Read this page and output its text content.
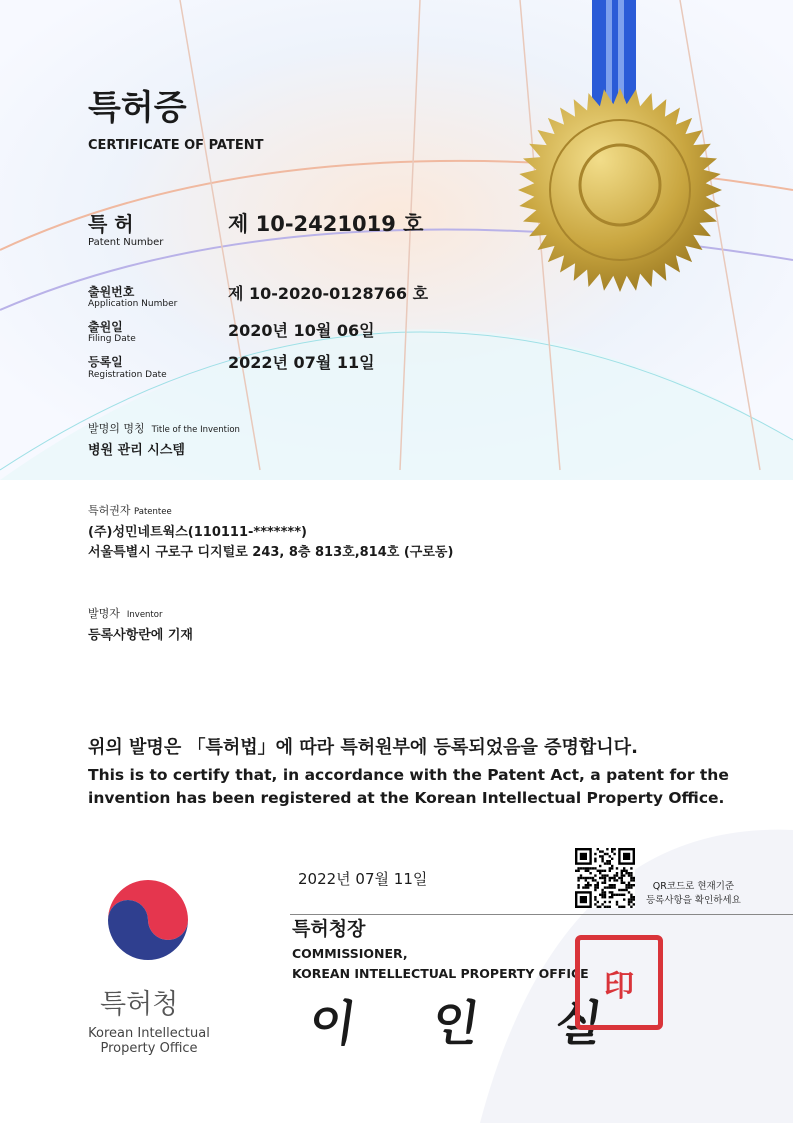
특허증
CERTIFICATE OF PATENT
특 허
Patent Number
제 10-2421019 호
출원번호
Application Number
제 10-2020-0128766 호
출원일
Filing Date	2020년 10월 06일
등록일
Registration Date
2022년 07월 11일
발명의 명칭 Title of the Invention
병원 관리 시스템
특허권자 Patentee
(주)성민네트웍스(110111-*******)
서울특별시 구로구 디지털로 243, 8층 813호,814호 (구로동)
발명자 Inventor
등록사항란에 기재
위의 발명은 「특허법」에 따라 특허원부에 등록되었음을 증명합니다.
This is to certify that, in accordance with the Patent Act, a patent for the
invention has been registered at the Korean Intellectual Property Office.
2022년 07월 11일	QR코드로 현재기준
등록사항을 확인하세요
특허청장
COMMISSIONER,
KOREAN INTELLECTUAL PROPERTY OFFICE
이 인 실
印
특허청
Korean Intellectual
Property Office
